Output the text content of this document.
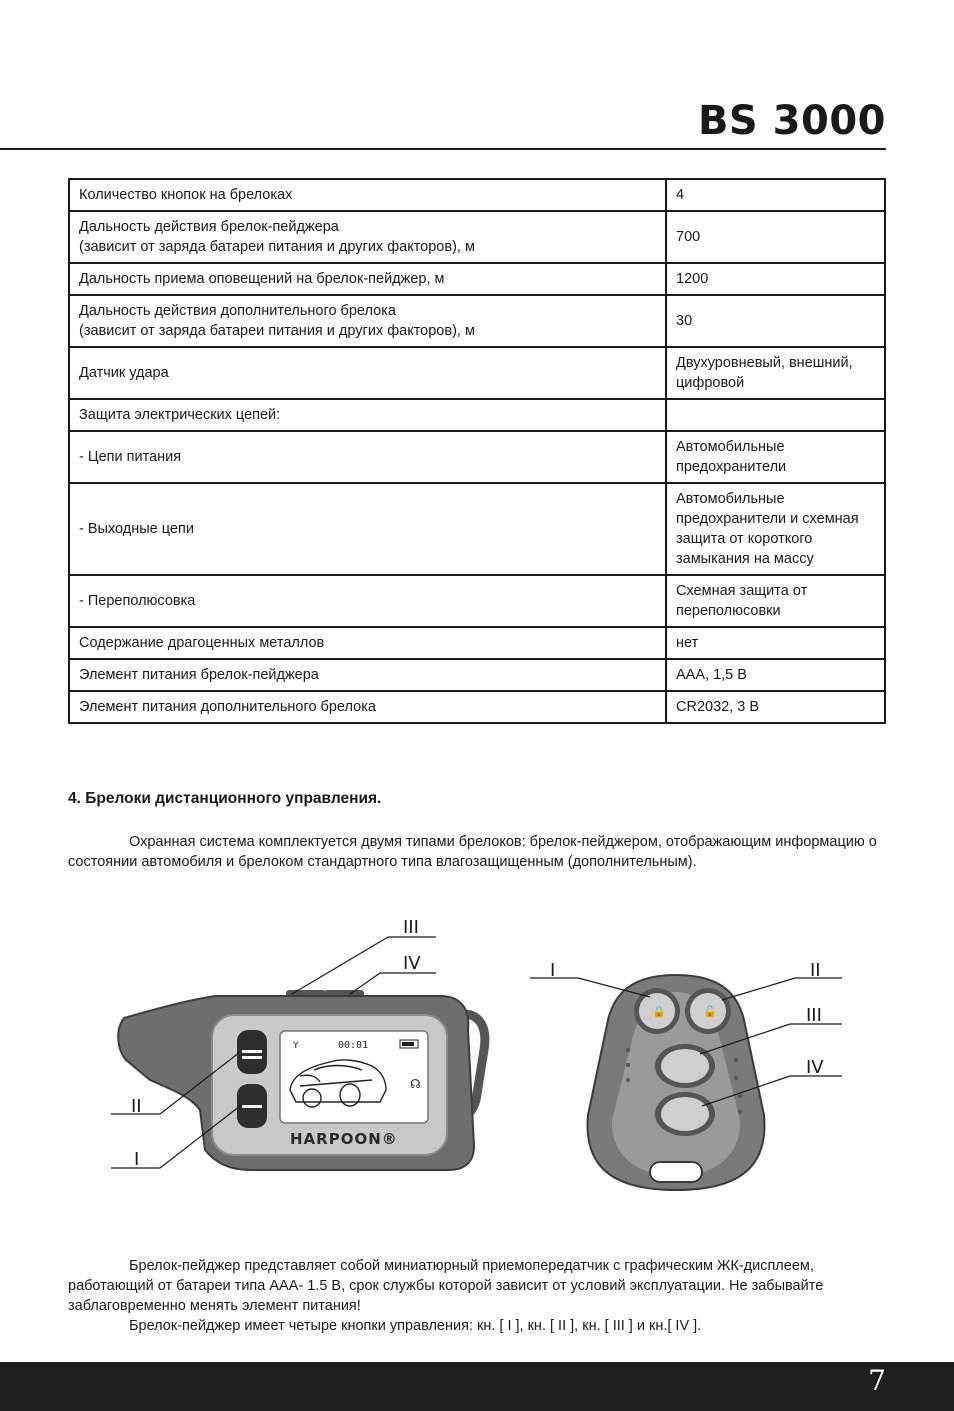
BS 3000
Количество кнопок на брелоках	4
Дальность действия брелок-пейджера
(зависит от заряда батареи питания и других факторов), м	700
Дальность приема оповещений на брелок-пейджер, м	1200
Дальность действия дополнительного брелока
(зависит от заряда батареи питания и других факторов), м	30
Датчик удара	Двухуровневый, внешний, цифровой
Защита электрических цепей:	
- Цепи питания	Автомобильные предохранители
- Выходные цепи	Автомобильные предохранители и схемная защита от короткого замыкания на массу
- Переполюсовка	Схемная защита от переполюсовки
Содержание драгоценных металлов	нет
Элемент питания брелок-пейджера	AAA, 1,5 В
Элемент питания дополнительного брелока	CR2032, 3 В
4. Брелоки дистанционного управления.

Охранная система комплектуется двумя типами брелоков: брелок-пейджером, отображающим информацию о состоянии автомобиля и брелоком стандартного типа влагозащищенным (дополнительным).

00:01
Y
☊
HARPOON®
III
IV
II
I
🔒	🔓
I	II
III
IV

Брелок-пейджер представляет собой миниатюрный приемопередатчик с графическим ЖК-дисплеем, работающий от батареи типа ААА- 1.5 В, срок службы которой зависит от условий эксплуатации. Не забывайте заблаговременно менять элемент питания!

Брелок-пейджер имеет четыре кнопки управления: кн. [ I ], кн. [ II ], кн. [ III ] и кн.[ IV ].

7
